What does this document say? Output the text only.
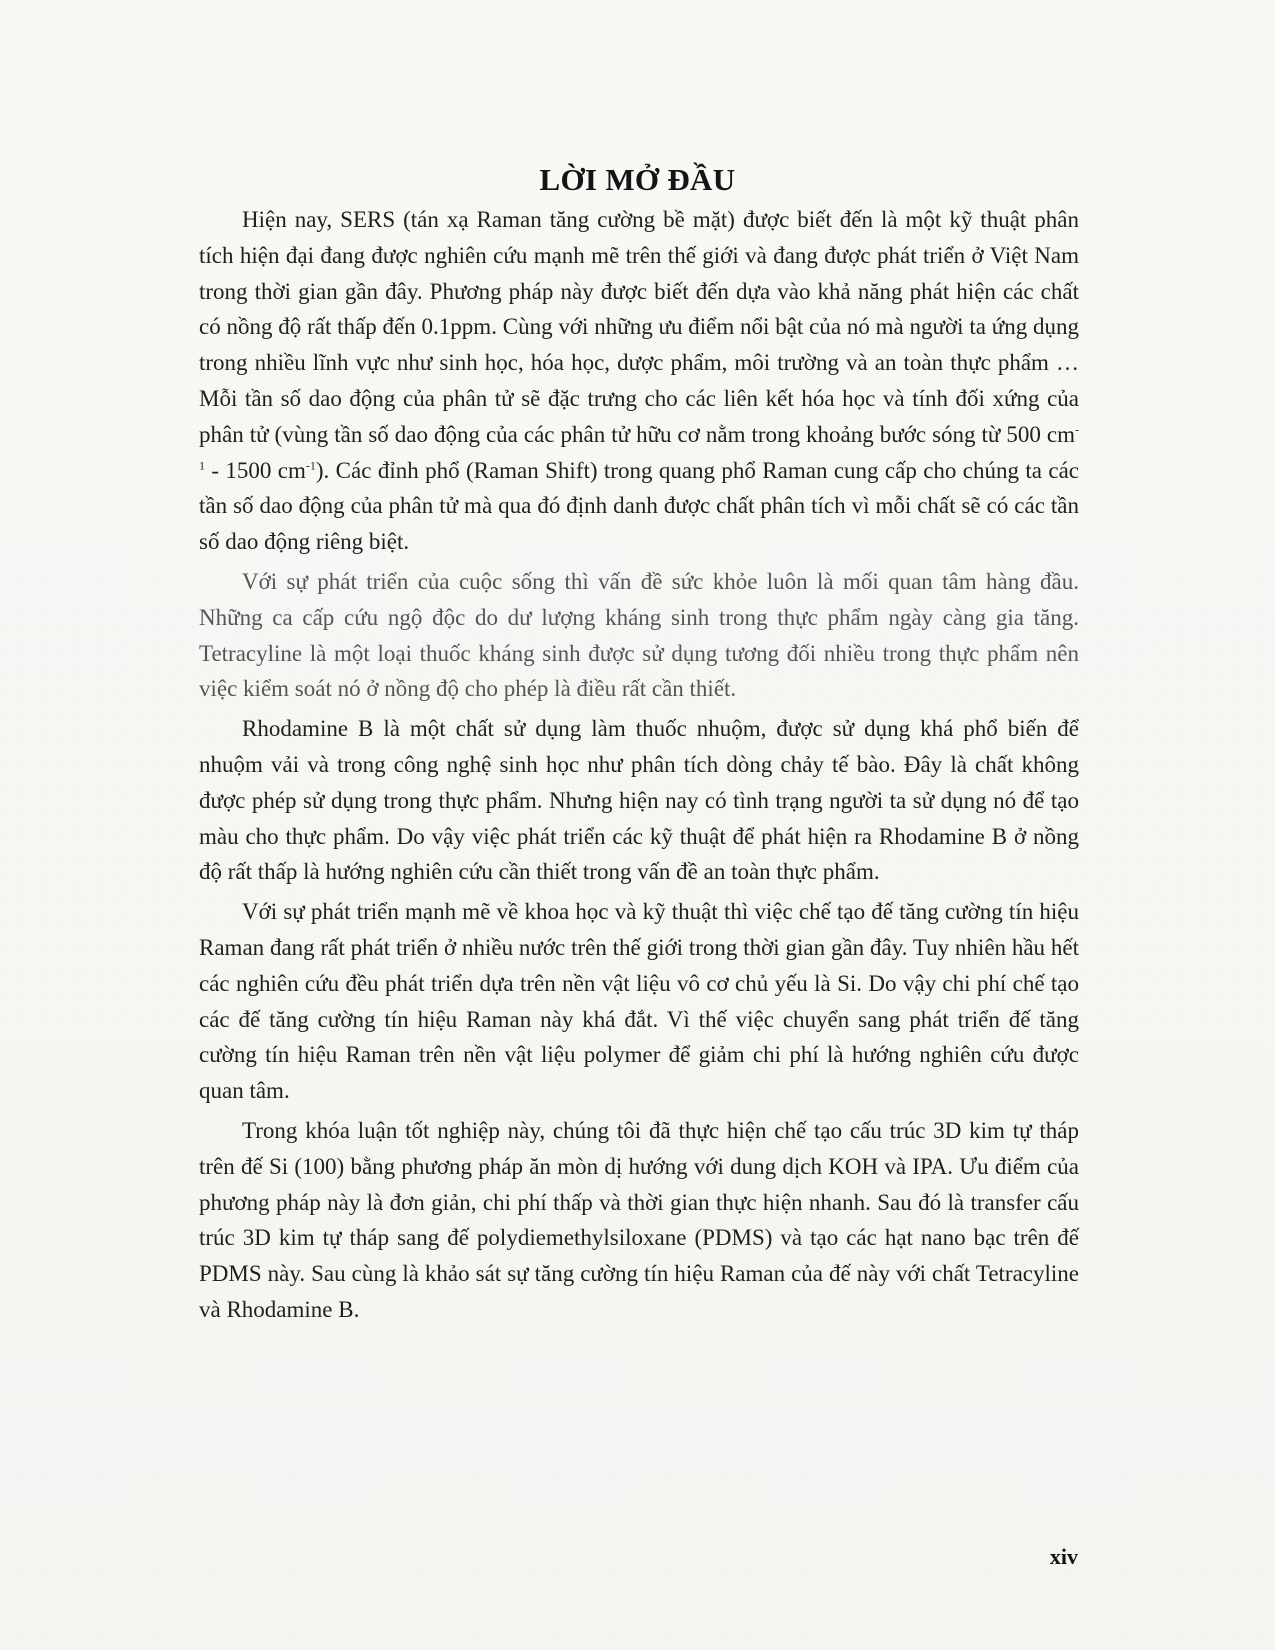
LỜI MỞ ĐẦU

Hiện nay, SERS (tán xạ Raman tăng cường bề mặt) được biết đến là một kỹ thuật phân tích hiện đại đang được nghiên cứu mạnh mẽ trên thế giới và đang được phát triển ở Việt Nam trong thời gian gần đây. Phương pháp này được biết đến dựa vào khả năng phát hiện các chất có nồng độ rất thấp đến 0.1ppm. Cùng với những ưu điểm nổi bật của nó mà người ta ứng dụng trong nhiều lĩnh vực như sinh học, hóa học, dược phẩm, môi trường và an toàn thực phẩm … Mỗi tần số dao động của phân tử sẽ đặc trưng cho các liên kết hóa học và tính đối xứng của phân tử (vùng tần số dao động của các phân tử hữu cơ nằm trong khoảng bước sóng từ 500 $cm^{-1} - 1500$ $cm^{-1}$). Các đỉnh phổ (Raman Shift) trong quang phổ Raman cung cấp cho chúng ta các tần số dao động của phân tử mà qua đó định danh được chất phân tích vì mỗi chất sẽ có các tần số dao động riêng biệt.

Với sự phát triển của cuộc sống thì vấn đề sức khỏe luôn là mối quan tâm hàng đầu. Những ca cấp cứu ngộ độc do dư lượng kháng sinh trong thực phẩm ngày càng gia tăng. Tetracyline là một loại thuốc kháng sinh được sử dụng tương đối nhiều trong thực phẩm nên việc kiểm soát nó ở nồng độ cho phép là điều rất cần thiết.

Rhodamine B là một chất sử dụng làm thuốc nhuộm, được sử dụng khá phổ biến để nhuộm vải và trong công nghệ sinh học như phân tích dòng chảy tế bào. Đây là chất không được phép sử dụng trong thực phẩm. Nhưng hiện nay có tình trạng người ta sử dụng nó để tạo màu cho thực phẩm. Do vậy việc phát triển các kỹ thuật để phát hiện ra Rhodamine B ở nồng độ rất thấp là hướng nghiên cứu cần thiết trong vấn đề an toàn thực phẩm.

Với sự phát triển mạnh mẽ về khoa học và kỹ thuật thì việc chế tạo đế tăng cường tín hiệu Raman đang rất phát triển ở nhiều nước trên thế giới trong thời gian gần đây. Tuy nhiên hầu hết các nghiên cứu đều phát triển dựa trên nền vật liệu vô cơ chủ yếu là Si. Do vậy chi phí chế tạo các đế tăng cường tín hiệu Raman này khá đắt. Vì thế việc chuyển sang phát triển đế tăng cường tín hiệu Raman trên nền vật liệu polymer để giảm chi phí là hướng nghiên cứu được quan tâm.

Trong khóa luận tốt nghiệp này, chúng tôi đã thực hiện chế tạo cấu trúc 3D kim tự tháp trên đế Si (100) bằng phương pháp ăn mòn dị hướng với dung dịch KOH và IPA. Ưu điểm của phương pháp này là đơn giản, chi phí thấp và thời gian thực hiện nhanh. Sau đó là transfer cấu trúc 3D kim tự tháp sang đế polydiemethylsiloxane (PDMS) và tạo các hạt nano bạc trên đế PDMS này. Sau cùng là khảo sát sự tăng cường tín hiệu Raman của đế này với chất Tetracyline và Rhodamine B.

xiv
